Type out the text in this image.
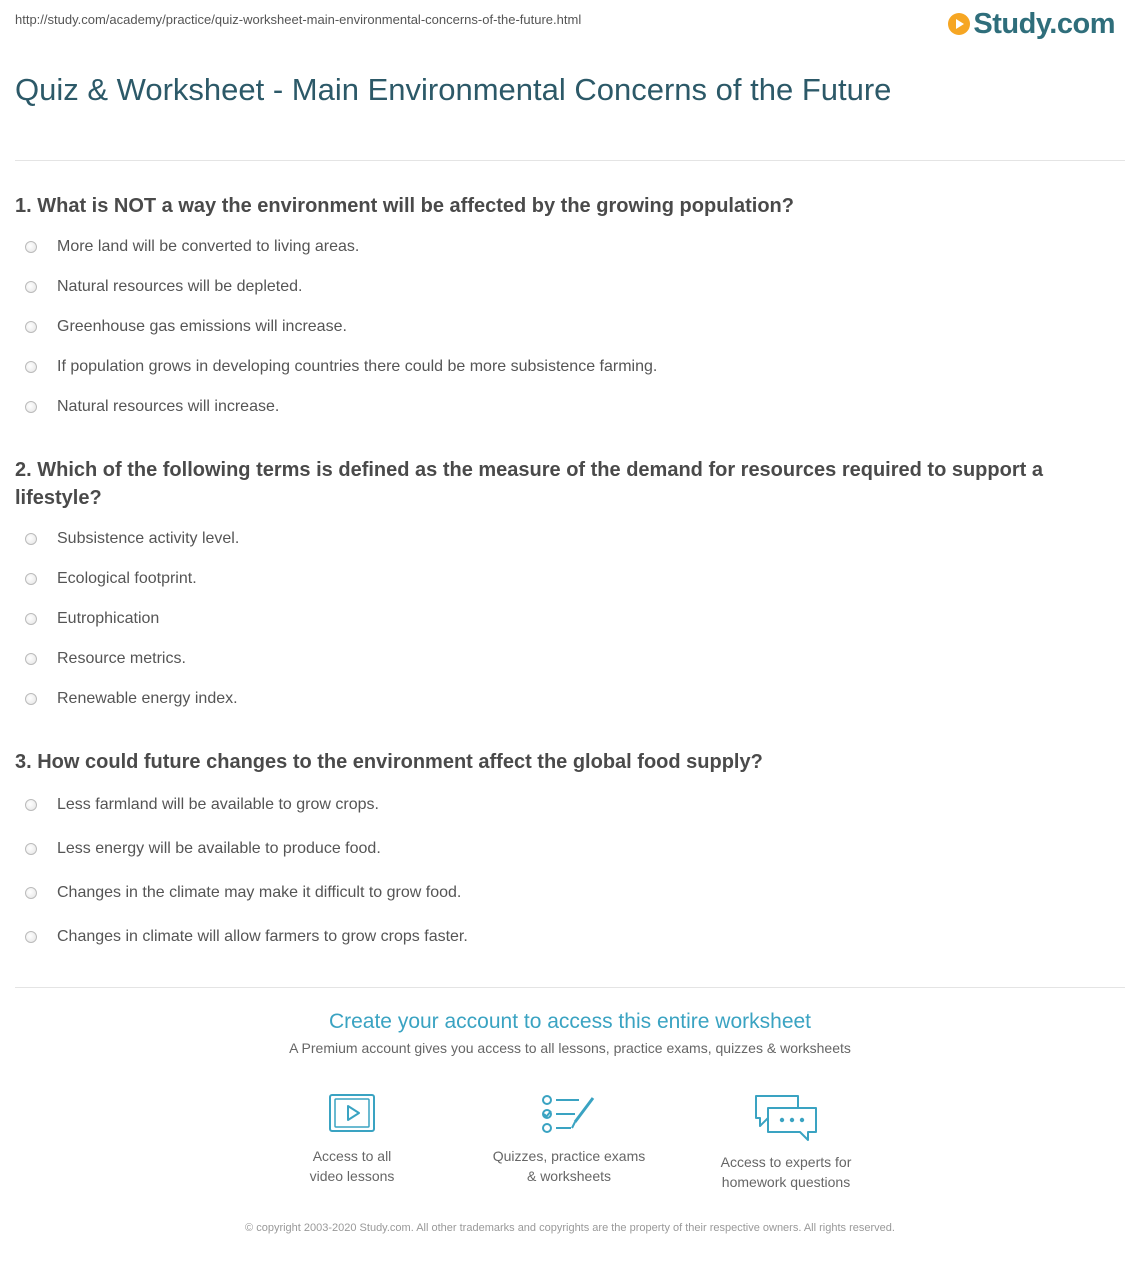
http://study.com/academy/practice/quiz-worksheet-main-environmental-concerns-of-the-future.html	Study.com
Quiz & Worksheet - Main Environmental Concerns of the Future
1. What is NOT a way the environment will be affected by the growing population?
More land will be converted to living areas.
Natural resources will be depleted.
Greenhouse gas emissions will increase.
If population grows in developing countries there could be more subsistence farming.
Natural resources will increase.
2. Which of the following terms is defined as the measure of the demand for resources required to support a lifestyle?
Subsistence activity level.
Ecological footprint.
Eutrophication
Resource metrics.
Renewable energy index.
3. How could future changes to the environment affect the global food supply?
Less farmland will be available to grow crops.
Less energy will be available to produce food.
Changes in the climate may make it difficult to grow food.
Changes in climate will allow farmers to grow crops faster.
Create your account to access this entire worksheet
A Premium account gives you access to all lessons, practice exams, quizzes & worksheets
Access to all
video lessons
Quizzes, practice exams
& worksheets
Access to experts for
homework questions
© copyright 2003-2020 Study.com. All other trademarks and copyrights are the property of their respective owners. All rights reserved.
